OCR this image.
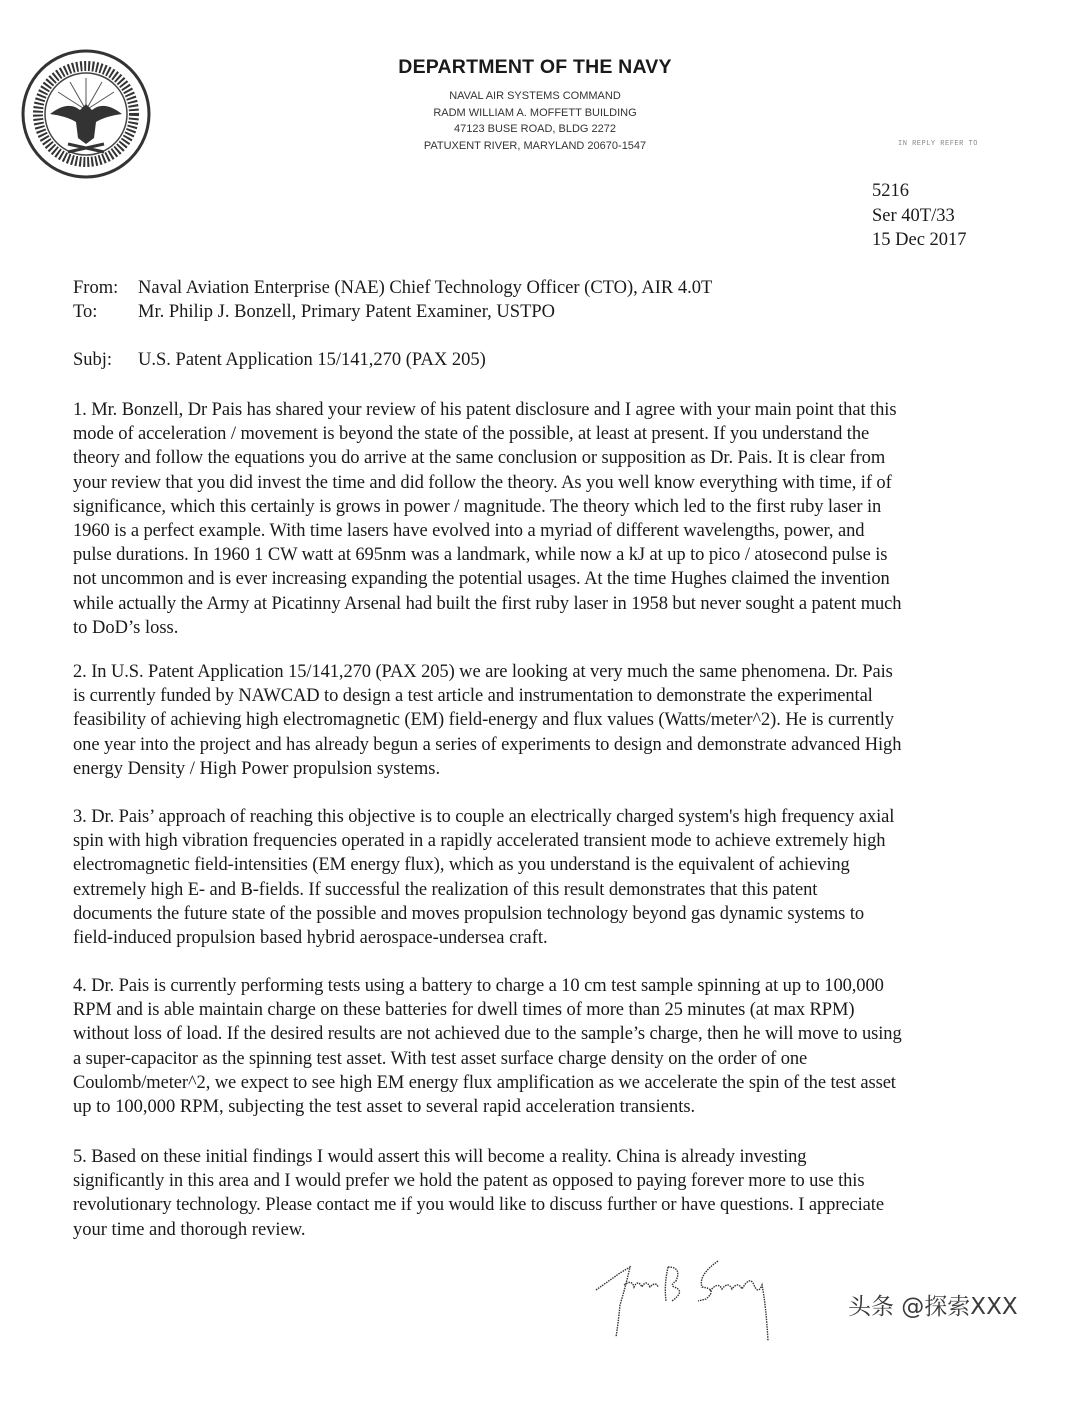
DEPARTMENT OF THE NAVY
NAVAL AIR SYSTEMS COMMAND
RADM WILLIAM A. MOFFETT BUILDING
47123 BUSE ROAD, BLDG 2272
PATUXENT RIVER, MARYLAND 20670-1547	IN REPLY REFER TO
5216
Ser 40T/33
15 Dec 2017
From: Naval Aviation Enterprise (NAE) Chief Technology Officer (CTO), AIR 4.0T
To: Mr. Philip J. Bonzell, Primary Patent Examiner, USTPO
Subj: U.S. Patent Application 15/141,270 (PAX 205)
1. Mr. Bonzell, Dr Pais has shared your review of his patent disclosure and I agree with your main point that this
mode of acceleration / movement is beyond the state of the possible, at least at present. If you understand the
theory and follow the equations you do arrive at the same conclusion or supposition as Dr. Pais. It is clear from
your review that you did invest the time and did follow the theory. As you well know everything with time, if of
significance, which this certainly is grows in power / magnitude. The theory which led to the first ruby laser in
1960 is a perfect example. With time lasers have evolved into a myriad of different wavelengths, power, and
pulse durations. In 1960 1 CW watt at 695nm was a landmark, while now a kJ at up to pico / atosecond pulse is
not uncommon and is ever increasing expanding the potential usages. At the time Hughes claimed the invention
while actually the Army at Picatinny Arsenal had built the first ruby laser in 1958 but never sought a patent much
to DoD’s loss.
2. In U.S. Patent Application 15/141,270 (PAX 205) we are looking at very much the same phenomena. Dr. Pais
is currently funded by NAWCAD to design a test article and instrumentation to demonstrate the experimental
feasibility of achieving high electromagnetic (EM) field-energy and flux values (Watts/meter^2). He is currently
one year into the project and has already begun a series of experiments to design and demonstrate advanced High
energy Density / High Power propulsion systems.
3. Dr. Pais’ approach of reaching this objective is to couple an electrically charged system's high frequency axial
spin with high vibration frequencies operated in a rapidly accelerated transient mode to achieve extremely high
electromagnetic field-intensities (EM energy flux), which as you understand is the equivalent of achieving
extremely high E- and B-fields. If successful the realization of this result demonstrates that this patent
documents the future state of the possible and moves propulsion technology beyond gas dynamic systems to
field-induced propulsion based hybrid aerospace-undersea craft.
4. Dr. Pais is currently performing tests using a battery to charge a 10 cm test sample spinning at up to 100,000
RPM and is able maintain charge on these batteries for dwell times of more than 25 minutes (at max RPM)
without loss of load. If the desired results are not achieved due to the sample’s charge, then he will move to using
a super-capacitor as the spinning test asset. With test asset surface charge density on the order of one
Coulomb/meter^2, we expect to see high EM energy flux amplification as we accelerate the spin of the test asset
up to 100,000 RPM, subjecting the test asset to several rapid acceleration transients.
5. Based on these initial findings I would assert this will become a reality. China is already investing
significantly in this area and I would prefer we hold the patent as opposed to paying forever more to use this
revolutionary technology. Please contact me if you would like to discuss further or have questions. I appreciate
your time and thorough review.
头条 @探索XXX
